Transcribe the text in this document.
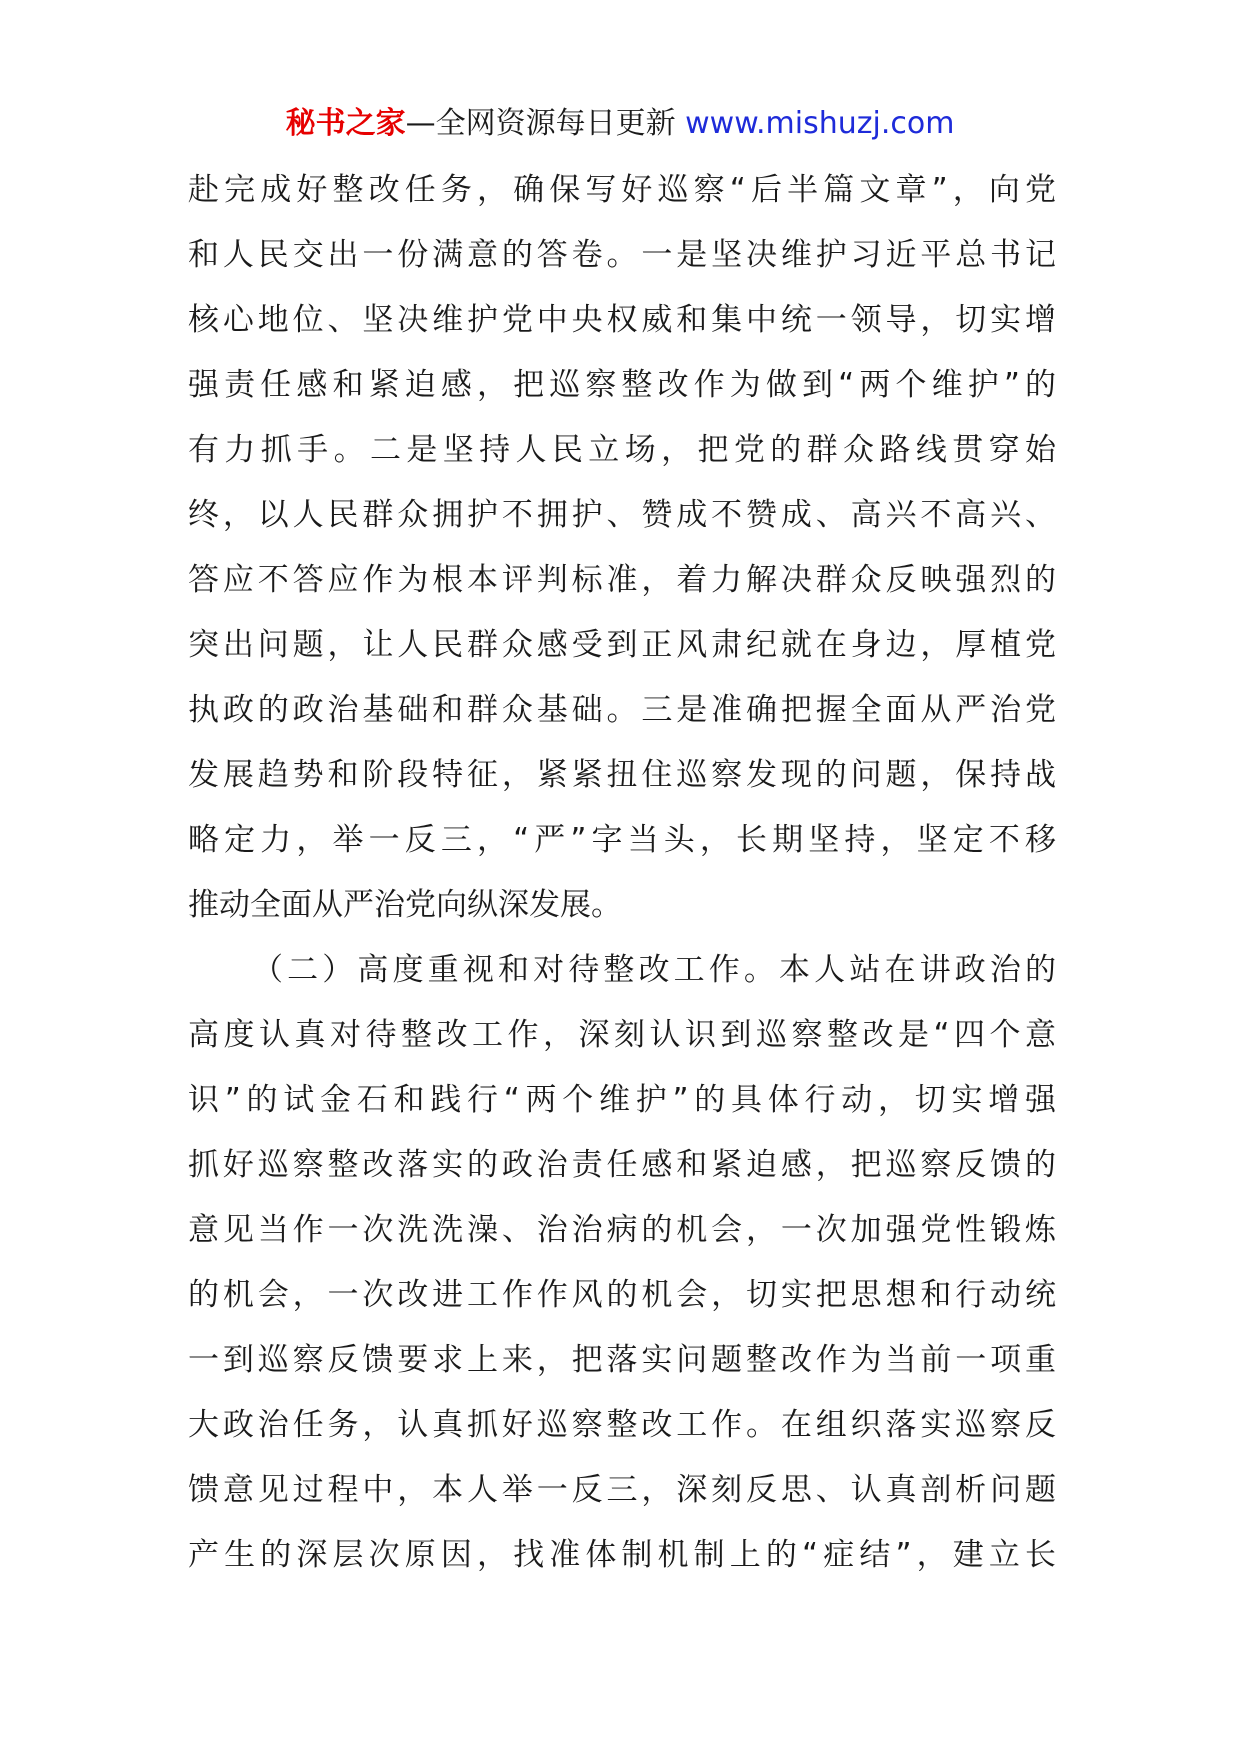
秘书之家—全网资源每日更新 www.mishuzj.com
赴完成好整改任务，确保写好巡察“后半篇文章”，向党
和人民交出一份满意的答卷。一是坚决维护习近平总书记
核心地位、坚决维护党中央权威和集中统一领导，切实增
强责任感和紧迫感，把巡察整改作为做到“两个维护”的
有力抓手。二是坚持人民立场，把党的群众路线贯穿始
终，以人民群众拥护不拥护、赞成不赞成、高兴不高兴、
答应不答应作为根本评判标准，着力解决群众反映强烈的
突出问题，让人民群众感受到正风肃纪就在身边，厚植党
执政的政治基础和群众基础。三是准确把握全面从严治党
发展趋势和阶段特征，紧紧扭住巡察发现的问题，保持战
略定力，举一反三，“严”字当头，长期坚持，坚定不移
推动全面从严治党向纵深发展。
（二）高度重视和对待整改工作。本人站在讲政治的
高度认真对待整改工作，深刻认识到巡察整改是“四个意
识”的试金石和践行“两个维护”的具体行动，切实增强
抓好巡察整改落实的政治责任感和紧迫感，把巡察反馈的
意见当作一次洗洗澡、治治病的机会，一次加强党性锻炼
的机会，一次改进工作作风的机会，切实把思想和行动统
一到巡察反馈要求上来，把落实问题整改作为当前一项重
大政治任务，认真抓好巡察整改工作。在组织落实巡察反
馈意见过程中，本人举一反三，深刻反思、认真剖析问题
产生的深层次原因，找准体制机制上的“症结”，建立长
